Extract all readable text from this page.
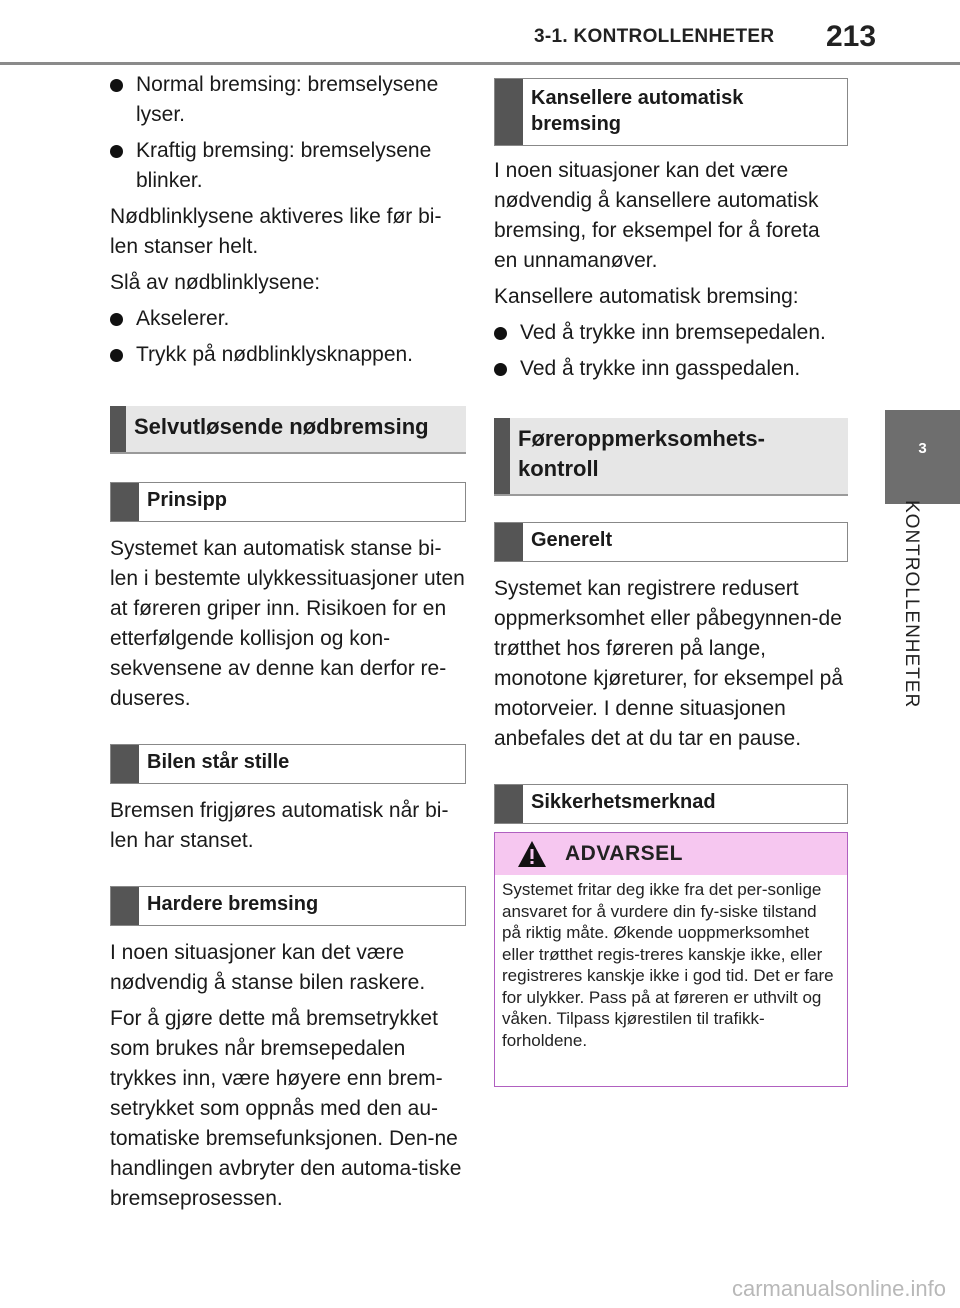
3-1. KONTROLLENHETER 213
3
KONTROLLENHETER
Normal bremsing: bremselysene lyser.
Kraftig bremsing: bremselysene blinker.

Nødblinklysene aktiveres like før bi-len stanser helt.

Slå av nødblinklysene:

Akselerer.
Trykk på nødblinklysknappen.
Selvutløsende nødbremsing
Prinsipp

Systemet kan automatisk stanse bi-len i bestemte ulykkessituasjoner uten at føreren griper inn. Risikoen for en etterfølgende kollisjon og kon-sekvensene av denne kan derfor re-duseres.

Bilen står stille

Bremsen frigjøres automatisk når bi-len har stanset.

Hardere bremsing

I noen situasjoner kan det være nødvendig å stanse bilen raskere.

For å gjøre dette må bremsetrykket som brukes når bremsepedalen trykkes inn, være høyere enn brem-setrykket som oppnås med den au-tomatiske bremsefunksjonen. Den-ne handlingen avbryter den automa-tiske bremseprosessen.

Kansellere automatisk bremsing

I noen situasjoner kan det være nødvendig å kansellere automatisk bremsing, for eksempel for å foreta en unnamanøver.

Kansellere automatisk bremsing:

Ved å trykke inn bremsepedalen.
Ved å trykke inn gasspedalen.
Føreroppmerksomhets-kontroll
Generelt

Systemet kan registrere redusert oppmerksomhet eller påbegynnen-de trøtthet hos føreren på lange, monotone kjøreturer, for eksempel på motorveier. I denne situasjonen anbefales det at du tar en pause.

Sikkerhetsmerknad
ADVARSEL
Systemet fritar deg ikke fra det per-sonlige ansvaret for å vurdere din fy-siske tilstand på riktig måte. Økende uoppmerksomhet eller trøtthet regis-treres kanskje ikke, eller registreres kanskje ikke i god tid. Det er fare for ulykker. Pass på at føreren er uthvilt og våken. Tilpass kjørestilen til trafikk-forholdene.
carmanualsonline.info
